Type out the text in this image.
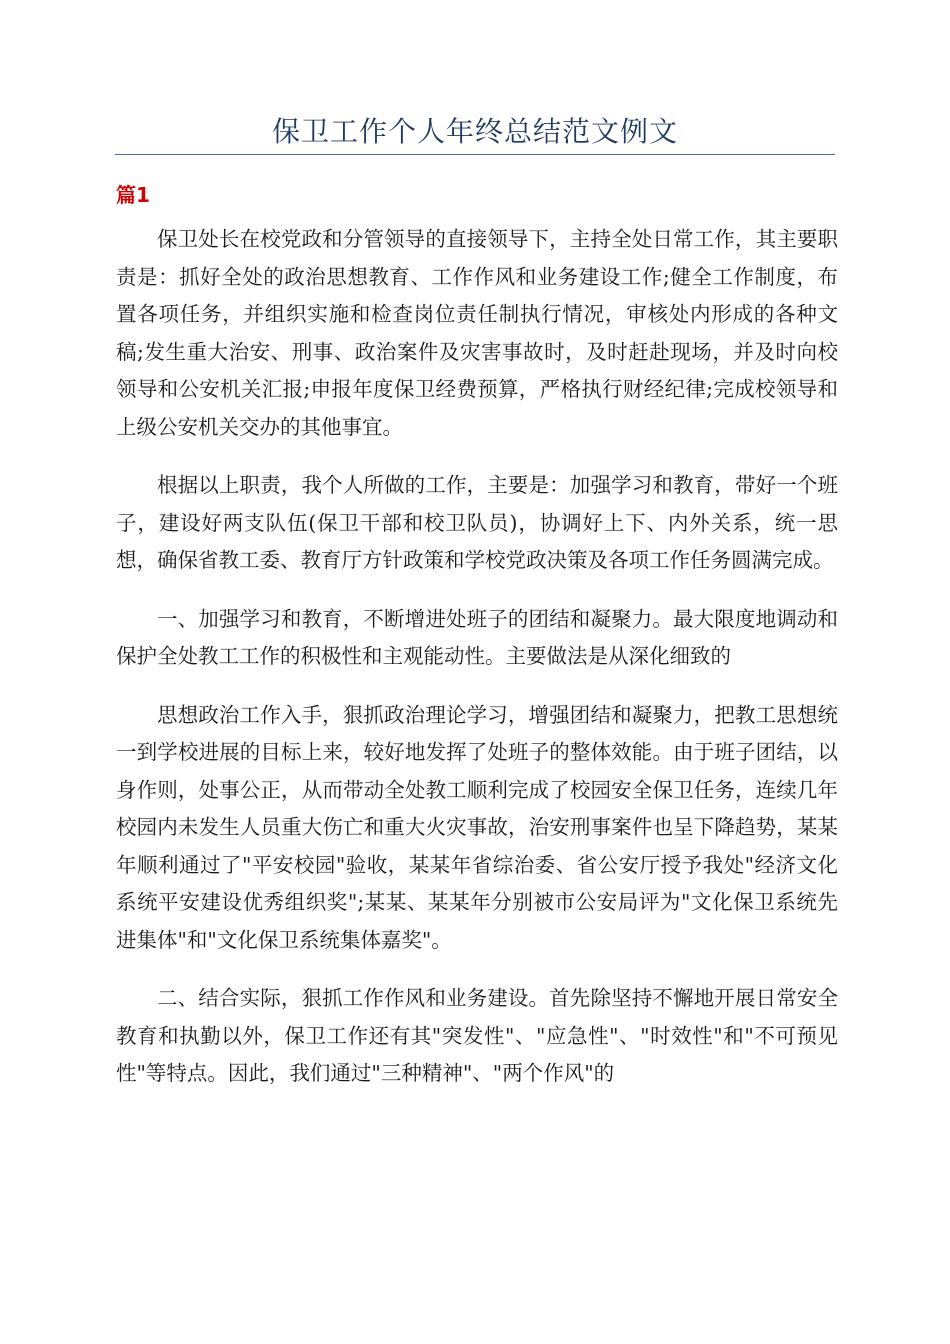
保卫工作个人年终总结范文例文
篇1

保卫处长在校党政和分管领导的直接领导下，主持全处日常工作，其主要职责是：抓好全处的政治思想教育、工作作风和业务建设工作;健全工作制度，布置各项任务，并组织实施和检查岗位责任制执行情况，审核处内形成的各种文稿;发生重大治安、刑事、政治案件及灾害事故时，及时赶赴现场，并及时向校领导和公安机关汇报;申报年度保卫经费预算，严格执行财经纪律;完成校领导和上级公安机关交办的其他事宜。

根据以上职责，我个人所做的工作，主要是：加强学习和教育，带好一个班子，建设好两支队伍(保卫干部和校卫队员)，协调好上下、内外关系，统一思想，确保省教工委、教育厅方针政策和学校党政决策及各项工作任务圆满完成。

一、加强学习和教育，不断增进处班子的团结和凝聚力。最大限度地调动和保护全处教工工作的积极性和主观能动性。主要做法是从深化细致的

思想政治工作入手，狠抓政治理论学习，增强团结和凝聚力，把教工思想统一到学校进展的目标上来，较好地发挥了处班子的整体效能。由于班子团结，以身作则，处事公正，从而带动全处教工顺利完成了校园安全保卫任务，连续几年校园内未发生人员重大伤亡和重大火灾事故，治安刑事案件也呈下降趋势，某某年顺利通过了"平安校园"验收，某某年省综治委、省公安厅授予我处"经济文化系统平安建设优秀组织奖";某某、某某年分别被市公安局评为"文化保卫系统先进集体"和"文化保卫系统集体嘉奖"。

二、结合实际，狠抓工作作风和业务建设。首先除坚持不懈地开展日常安全教育和执勤以外，保卫工作还有其"突发性"、"应急性"、"时效性"和"不可预见性"等特点。因此，我们通过"三种精神"、"两个作风"的
